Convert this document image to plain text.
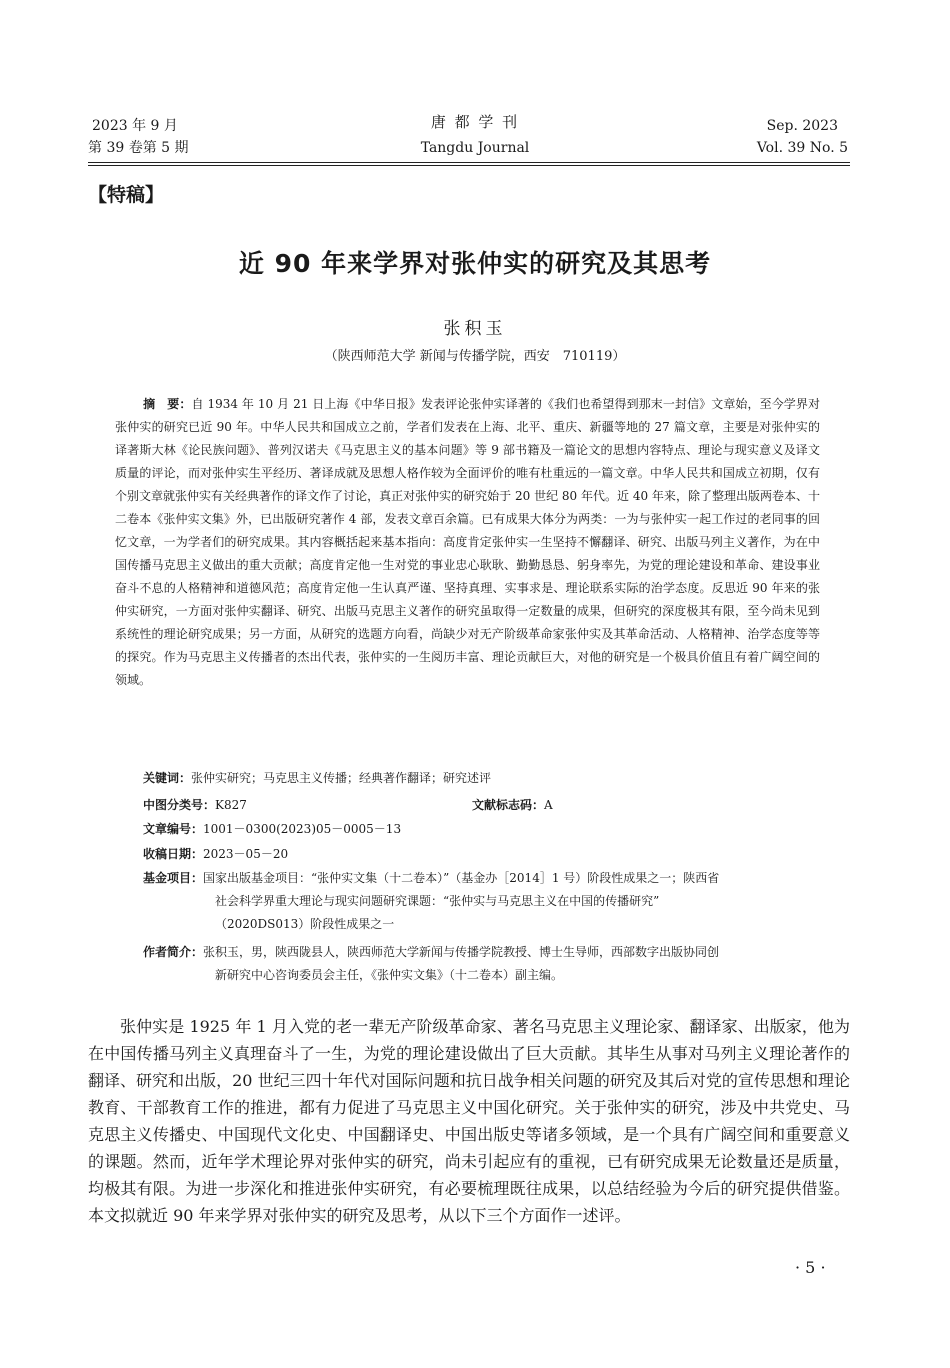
2023 年 9 月
第 39 卷第 5 期
唐 都 学 刊
Tangdu Journal
Sep. 2023
Vol. 39 No. 5
【特稿】
近 90 年来学界对张仲实的研究及其思考
张积玉
（陕西师范大学 新闻与传播学院，西安　710119）

摘　要：自 1934 年 10 月 21 日上海《中华日报》发表评论张仲实译著的《我们也希望得到那末一封信》文章始，至今学界对张仲实的研究已近 90 年。中华人民共和国成立之前，学者们发表在上海、北平、重庆、新疆等地的 27 篇文章，主要是对张仲实的译著斯大林《论民族问题》、普列汉诺夫《马克思主义的基本问题》等 9 部书籍及一篇论文的思想内容特点、理论与现实意义及译文质量的评论，而对张仲实生平经历、著译成就及思想人格作较为全面评价的唯有杜重远的一篇文章。中华人民共和国成立初期，仅有个别文章就张仲实有关经典著作的译文作了讨论，真正对张仲实的研究始于 20 世纪 80 年代。近 40 年来，除了整理出版两卷本、十二卷本《张仲实文集》外，已出版研究著作 4 部，发表文章百余篇。已有成果大体分为两类：一为与张仲实一起工作过的老同事的回忆文章，一为学者们的研究成果。其内容概括起来基本指向：高度肯定张仲实一生坚持不懈翻译、研究、出版马列主义著作，为在中国传播马克思主义做出的重大贡献；高度肯定他一生对党的事业忠心耿耿、勤勤恳恳、躬身率先，为党的理论建设和革命、建设事业奋斗不息的人格精神和道德风范；高度肯定他一生认真严谨、坚持真理、实事求是、理论联系实际的治学态度。反思近 90 年来的张仲实研究，一方面对张仲实翻译、研究、出版马克思主义著作的研究虽取得一定数量的成果，但研究的深度极其有限，至今尚未见到系统性的理论研究成果；另一方面，从研究的选题方向看，尚缺少对无产阶级革命家张仲实及其革命活动、人格精神、治学态度等等的探究。作为马克思主义传播者的杰出代表，张仲实的一生阅历丰富、理论贡献巨大，对他的研究是一个极具价值且有着广阔空间的领域。

关键词：张仲实研究；马克思主义传播；经典著作翻译；研究述评
中图分类号：K827	文献标志码：A
文章编号：1001－0300(2023)05－0005－13
收稿日期：2023－05－20
基金项目：国家出版基金项目：“张仲实文集（十二卷本）”（基金办［2014］1 号）阶段性成果之一；陕西省
社会科学界重大理论与现实问题研究课题：“张仲实与马克思主义在中国的传播研究”
（2020DS013）阶段性成果之一
作者简介：张积玉，男，陕西陇县人，陕西师范大学新闻与传播学院教授、博士生导师，西部数字出版协同创
新研究中心咨询委员会主任，《张仲实文集》（十二卷本）副主编。

张仲实是 1925 年 1 月入党的老一辈无产阶级革命家、著名马克思主义理论家、翻译家、出版家，他为在中国传播马列主义真理奋斗了一生，为党的理论建设做出了巨大贡献。其毕生从事对马列主义理论著作的翻译、研究和出版，20 世纪三四十年代对国际问题和抗日战争相关问题的研究及其后对党的宣传思想和理论教育、干部教育工作的推进，都有力促进了马克思主义中国化研究。关于张仲实的研究，涉及中共党史、马克思主义传播史、中国现代文化史、中国翻译史、中国出版史等诸多领域，是一个具有广阔空间和重要意义的课题。然而，近年学术理论界对张仲实的研究，尚未引起应有的重视，已有研究成果无论数量还是质量，均极其有限。为进一步深化和推进张仲实研究，有必要梳理既往成果，以总结经验为今后的研究提供借鉴。本文拟就近 90 年来学界对张仲实的研究及思考，从以下三个方面作一述评。

· 5 ·
